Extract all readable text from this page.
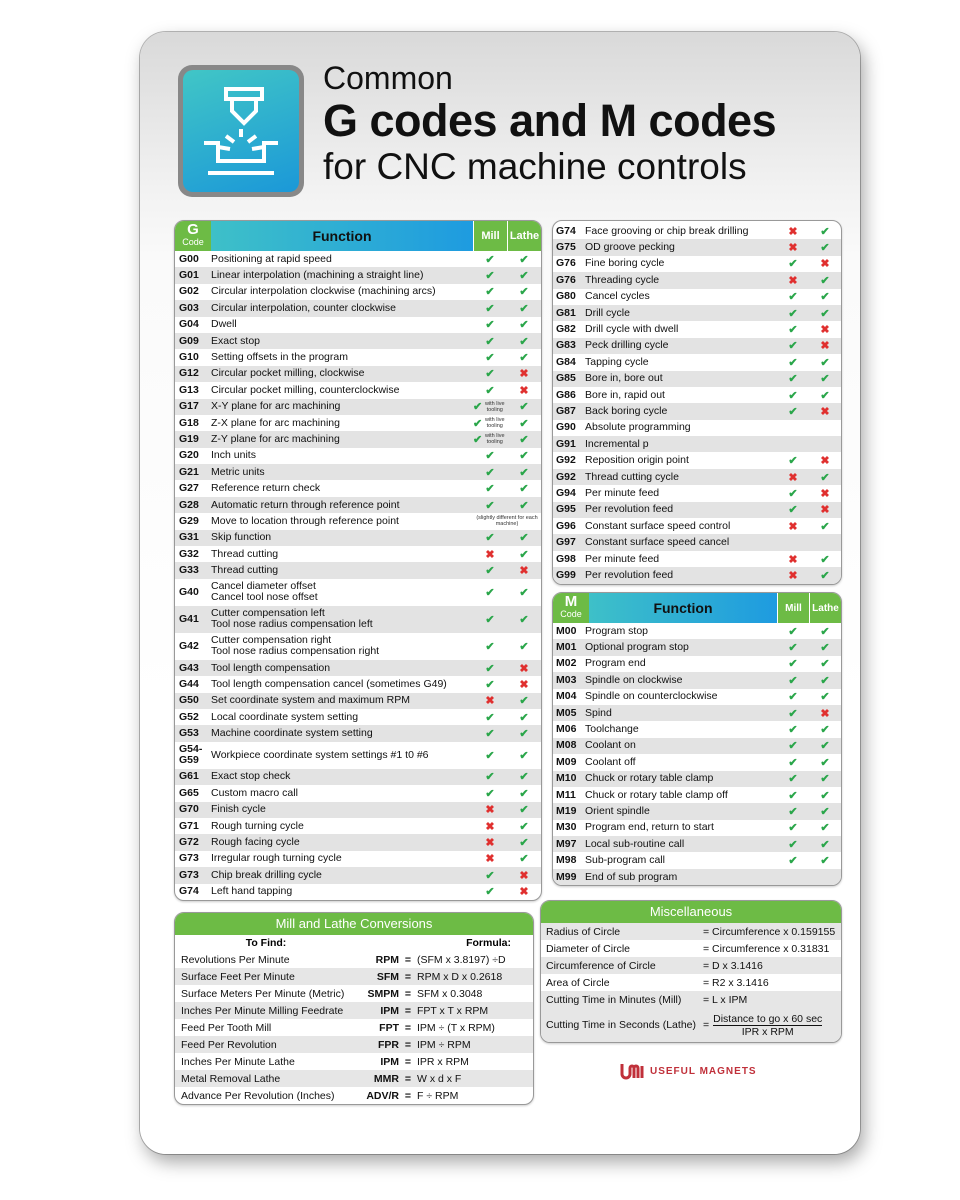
Common
G codes and M codes
for CNC machine controls
G
Code	Function	Mill Lathe
G00	Positioning at rapid speed	✔ ✔
G01	Linear interpolation (machining a straight line)	✔ ✔
G02	Circular interpolation clockwise (machining arcs)	✔ ✔
G03	Circular interpolation, counter clockwise	✔ ✔
G04	Dwell	✔ ✔
G09	Exact stop	✔ ✔
G10	Setting offsets in the program	✔ ✔
G12	Circular pocket milling, clockwise	✔ ✖
G13	Circular pocket milling, counterclockwise	✔ ✖
G17	X-Y plane for arc machining	✔ with live tooling	✔
G18	Z-X plane for arc machining	✔ with live tooling	✔
G19	Z-Y plane for arc machining	✔ with live tooling	✔
G20	Inch units	✔ ✔
G21	Metric units	✔ ✔
G27	Reference return check	✔ ✔
G28	Automatic return through reference point	✔ ✔
G29	Move to location through reference point	(slightly different for each machine)
G31	Skip function	✔ ✔
G32	Thread cutting	✖ ✔
G33	Thread cutting	✔ ✖
G40	Cancel diameter offset
Cancel tool nose offset	✔ ✔
G41	Cutter compensation left
Tool nose radius compensation left	✔ ✔
G42	Cutter compensation right
Tool nose radius compensation right	✔ ✔
G43	Tool length compensation	✔ ✖
G44	Tool length compensation cancel (sometimes G49)	✔ ✖
G50	Set coordinate system and maximum RPM	✖ ✔
G52	Local coordinate system setting	✔ ✔
G53	Machine coordinate system setting	✔ ✔
G54-G59	Workpiece coordinate system settings #1 t0 #6	✔ ✔
G61	Exact stop check	✔ ✔
G65	Custom macro call	✔ ✔
G70	Finish cycle	✖ ✔
G71	Rough turning cycle	✖ ✔
G72	Rough facing cycle	✖ ✔
G73	Irregular rough turning cycle	✖ ✔
G73	Chip break drilling cycle	✔ ✖
G74	Left hand tapping	✔ ✖
G74 Face grooving or chip break drilling	✖ ✔
G75 OD groove pecking	✖ ✔
G76 Fine boring cycle	✔ ✖
G76 Threading cycle	✖ ✔
G80 Cancel cycles	✔ ✔
G81 Drill cycle	✔ ✔
G82 Drill cycle with dwell	✔ ✖
G83 Peck drilling cycle	✔ ✖
G84 Tapping cycle	✔ ✔
G85 Bore in, bore out	✔ ✔
G86 Bore in, rapid out	✔ ✔
G87 Back boring cycle	✔ ✖
G90 Absolute programming
G91 Incremental p
G92 Reposition origin point	✔ ✖
G92 Thread cutting cycle	✖ ✔
G94 Per minute feed	✔ ✖
G95 Per revolution feed	✔ ✖
G96 Constant surface speed control	✖ ✔
G97 Constant surface speed cancel
G98 Per minute feed	✖ ✔
G99 Per revolution feed	✖ ✔
M
Code	Function	Mill	Lathe
M00 Program stop	✔ ✔
M01 Optional program stop	✔ ✔
M02 Program end	✔ ✔
M03 Spindle on clockwise	✔ ✔
M04 Spindle on counterclockwise	✔ ✔
M05 Spind	✔ ✖
M06 Toolchange	✔ ✔
M08 Coolant on	✔ ✔
M09 Coolant off	✔ ✔
M10 Chuck or rotary table clamp	✔ ✔
M11 Chuck or rotary table clamp off	✔ ✔
M19 Orient spindle	✔ ✔
M30 Program end, return to start	✔ ✔
M97 Local sub-routine call	✔ ✔
M98 Sub-program call	✔ ✔
M99 End of sub program
Mill and Lathe Conversions
To Find:	Formula:
Revolutions Per Minute	RPM = (SFM x 3.8197) ÷D
Surface Feet Per Minute	SFM = RPM x D x 0.2618
Surface Meters Per Minute (Metric)	SMPM = SFM x 0.3048
Inches Per Minute Milling Feedrate	IPM = FPT x T x RPM
Feed Per Tooth Mill	FPT = IPM ÷ (T x RPM)
Feed Per Revolution	FPR = IPM ÷ RPM
Inches Per Minute Lathe	IPM = IPR x RPM
Metal Removal Lathe	MMR = W x d x F
Advance Per Revolution (Inches)	ADV/R = F ÷ RPM
Miscellaneous
Radius of Circle	= Circumference x 0.159155
Diameter of Circle	= Circumference x 0.31831
Circumference of Circle	= D x 3.1416
Area of Circle	= R2 x 3.1416
Cutting Time in Minutes (Mill)	= L x IPM
Cutting Time in Seconds (Lathe) = $\frac{\text{Distance to go x 60 sec}}{\text{IPR x RPM}}$
USEFUL MAGNETS
